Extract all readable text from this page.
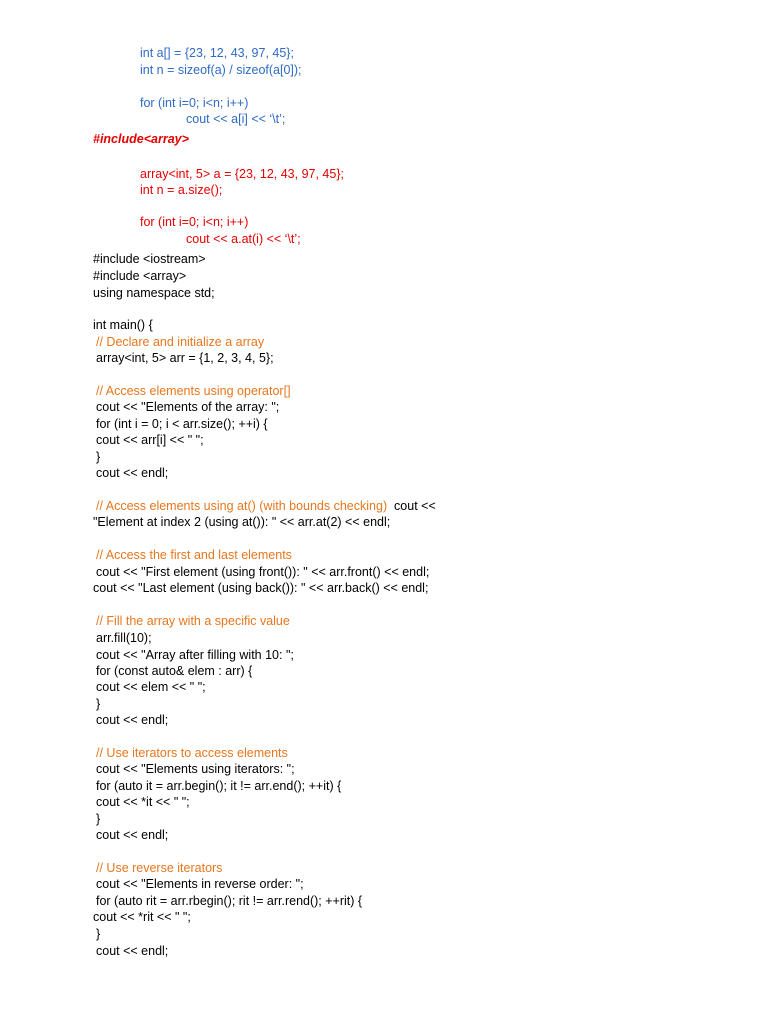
int a[] = {23, 12, 43, 97, 45};
int n = sizeof(a) / sizeof(a[0]);
for (int i=0; i<n; i++)
cout << a[i] << ‘\t’;
#include<array>
array<int, 5> a = {23, 12, 43, 97, 45};
int n = a.size();
for (int i=0; i<n; i++)
cout << a.at(i) << ‘\t’;
#include <iostream>
#include <array>
using namespace std;
int main() {
// Declare and initialize a array
array<int, 5> arr = {1, 2, 3, 4, 5};
// Access elements using operator[]
cout << "Elements of the array: ";
for (int i = 0; i < arr.size(); ++i) {
cout << arr[i] << " ";
}
cout << endl;
// Access elements using at() (with bounds checking)  cout <<
"Element at index 2 (using at()): " << arr.at(2) << endl;
// Access the first and last elements
cout << "First element (using front()): " << arr.front() << endl;
cout << "Last element (using back()): " << arr.back() << endl;
// Fill the array with a specific value
arr.fill(10);
cout << "Array after filling with 10: ";
for (const auto& elem : arr) {
cout << elem << " ";
}
cout << endl;
// Use iterators to access elements
cout << "Elements using iterators: ";
for (auto it = arr.begin(); it != arr.end(); ++it) {
cout << *it << " ";
}
cout << endl;
// Use reverse iterators
cout << "Elements in reverse order: ";
for (auto rit = arr.rbegin(); rit != arr.rend(); ++rit) {
cout << *rit << " ";
}
cout << endl;
